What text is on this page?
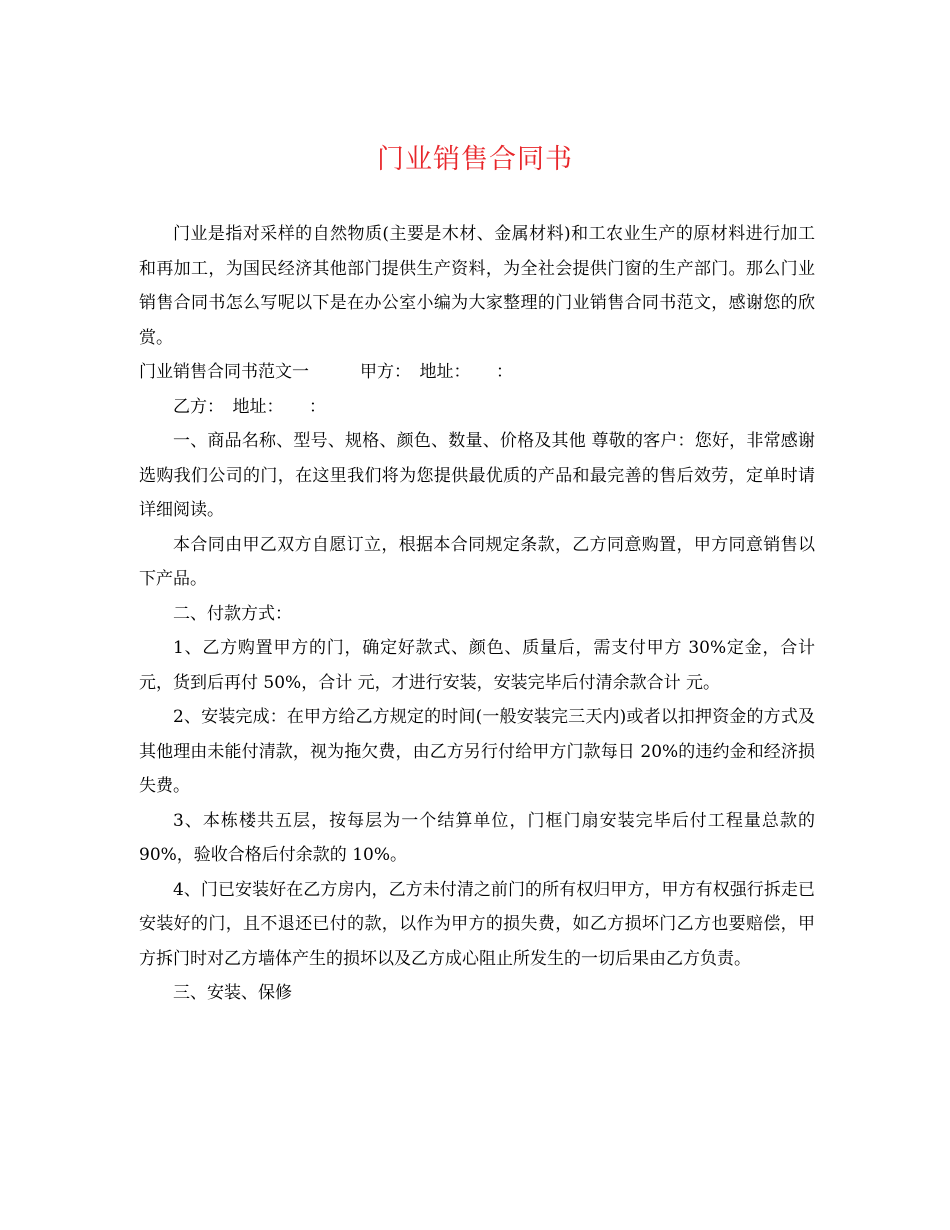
门业销售合同书

门业是指对采样的自然物质(主要是木材、金属材料)和工农业生产的原材料进行加工和再加工，为国民经济其他部门提供生产资料，为全社会提供门窗的生产部门。那么门业销售合同书怎么写呢以下是在办公室小编为大家整理的门业销售合同书范文，感谢您的欣赏。

门业销售合同书范文一　　　甲方：　地址：　　：

乙方：　地址：　　：

一、商品名称、型号、规格、颜色、数量、价格及其他 尊敬的客户：您好，非常感谢选购我们公司的门，在这里我们将为您提供最优质的产品和最完善的售后效劳，定单时请详细阅读。

本合同由甲乙双方自愿订立，根据本合同规定条款，乙方同意购置，甲方同意销售以下产品。

二、付款方式：

1、乙方购置甲方的门，确定好款式、颜色、质量后，需支付甲方 30%定金，合计 元，货到后再付 50%，合计 元，才进行安装，安装完毕后付清余款合计 元。

2、安装完成：在甲方给乙方规定的时间(一般安装完三天内)或者以扣押资金的方式及其他理由未能付清款，视为拖欠费，由乙方另行付给甲方门款每日 20%的违约金和经济损失费。

3、本栋楼共五层，按每层为一个结算单位，门框门扇安装完毕后付工程量总款的 90%，验收合格后付余款的 10%。

4、门已安装好在乙方房内，乙方未付清之前门的所有权归甲方，甲方有权强行拆走已安装好的门，且不退还已付的款，以作为甲方的损失费，如乙方损坏门乙方也要赔偿，甲方拆门时对乙方墙体产生的损坏以及乙方成心阻止所发生的一切后果由乙方负责。

三、安装、保修
